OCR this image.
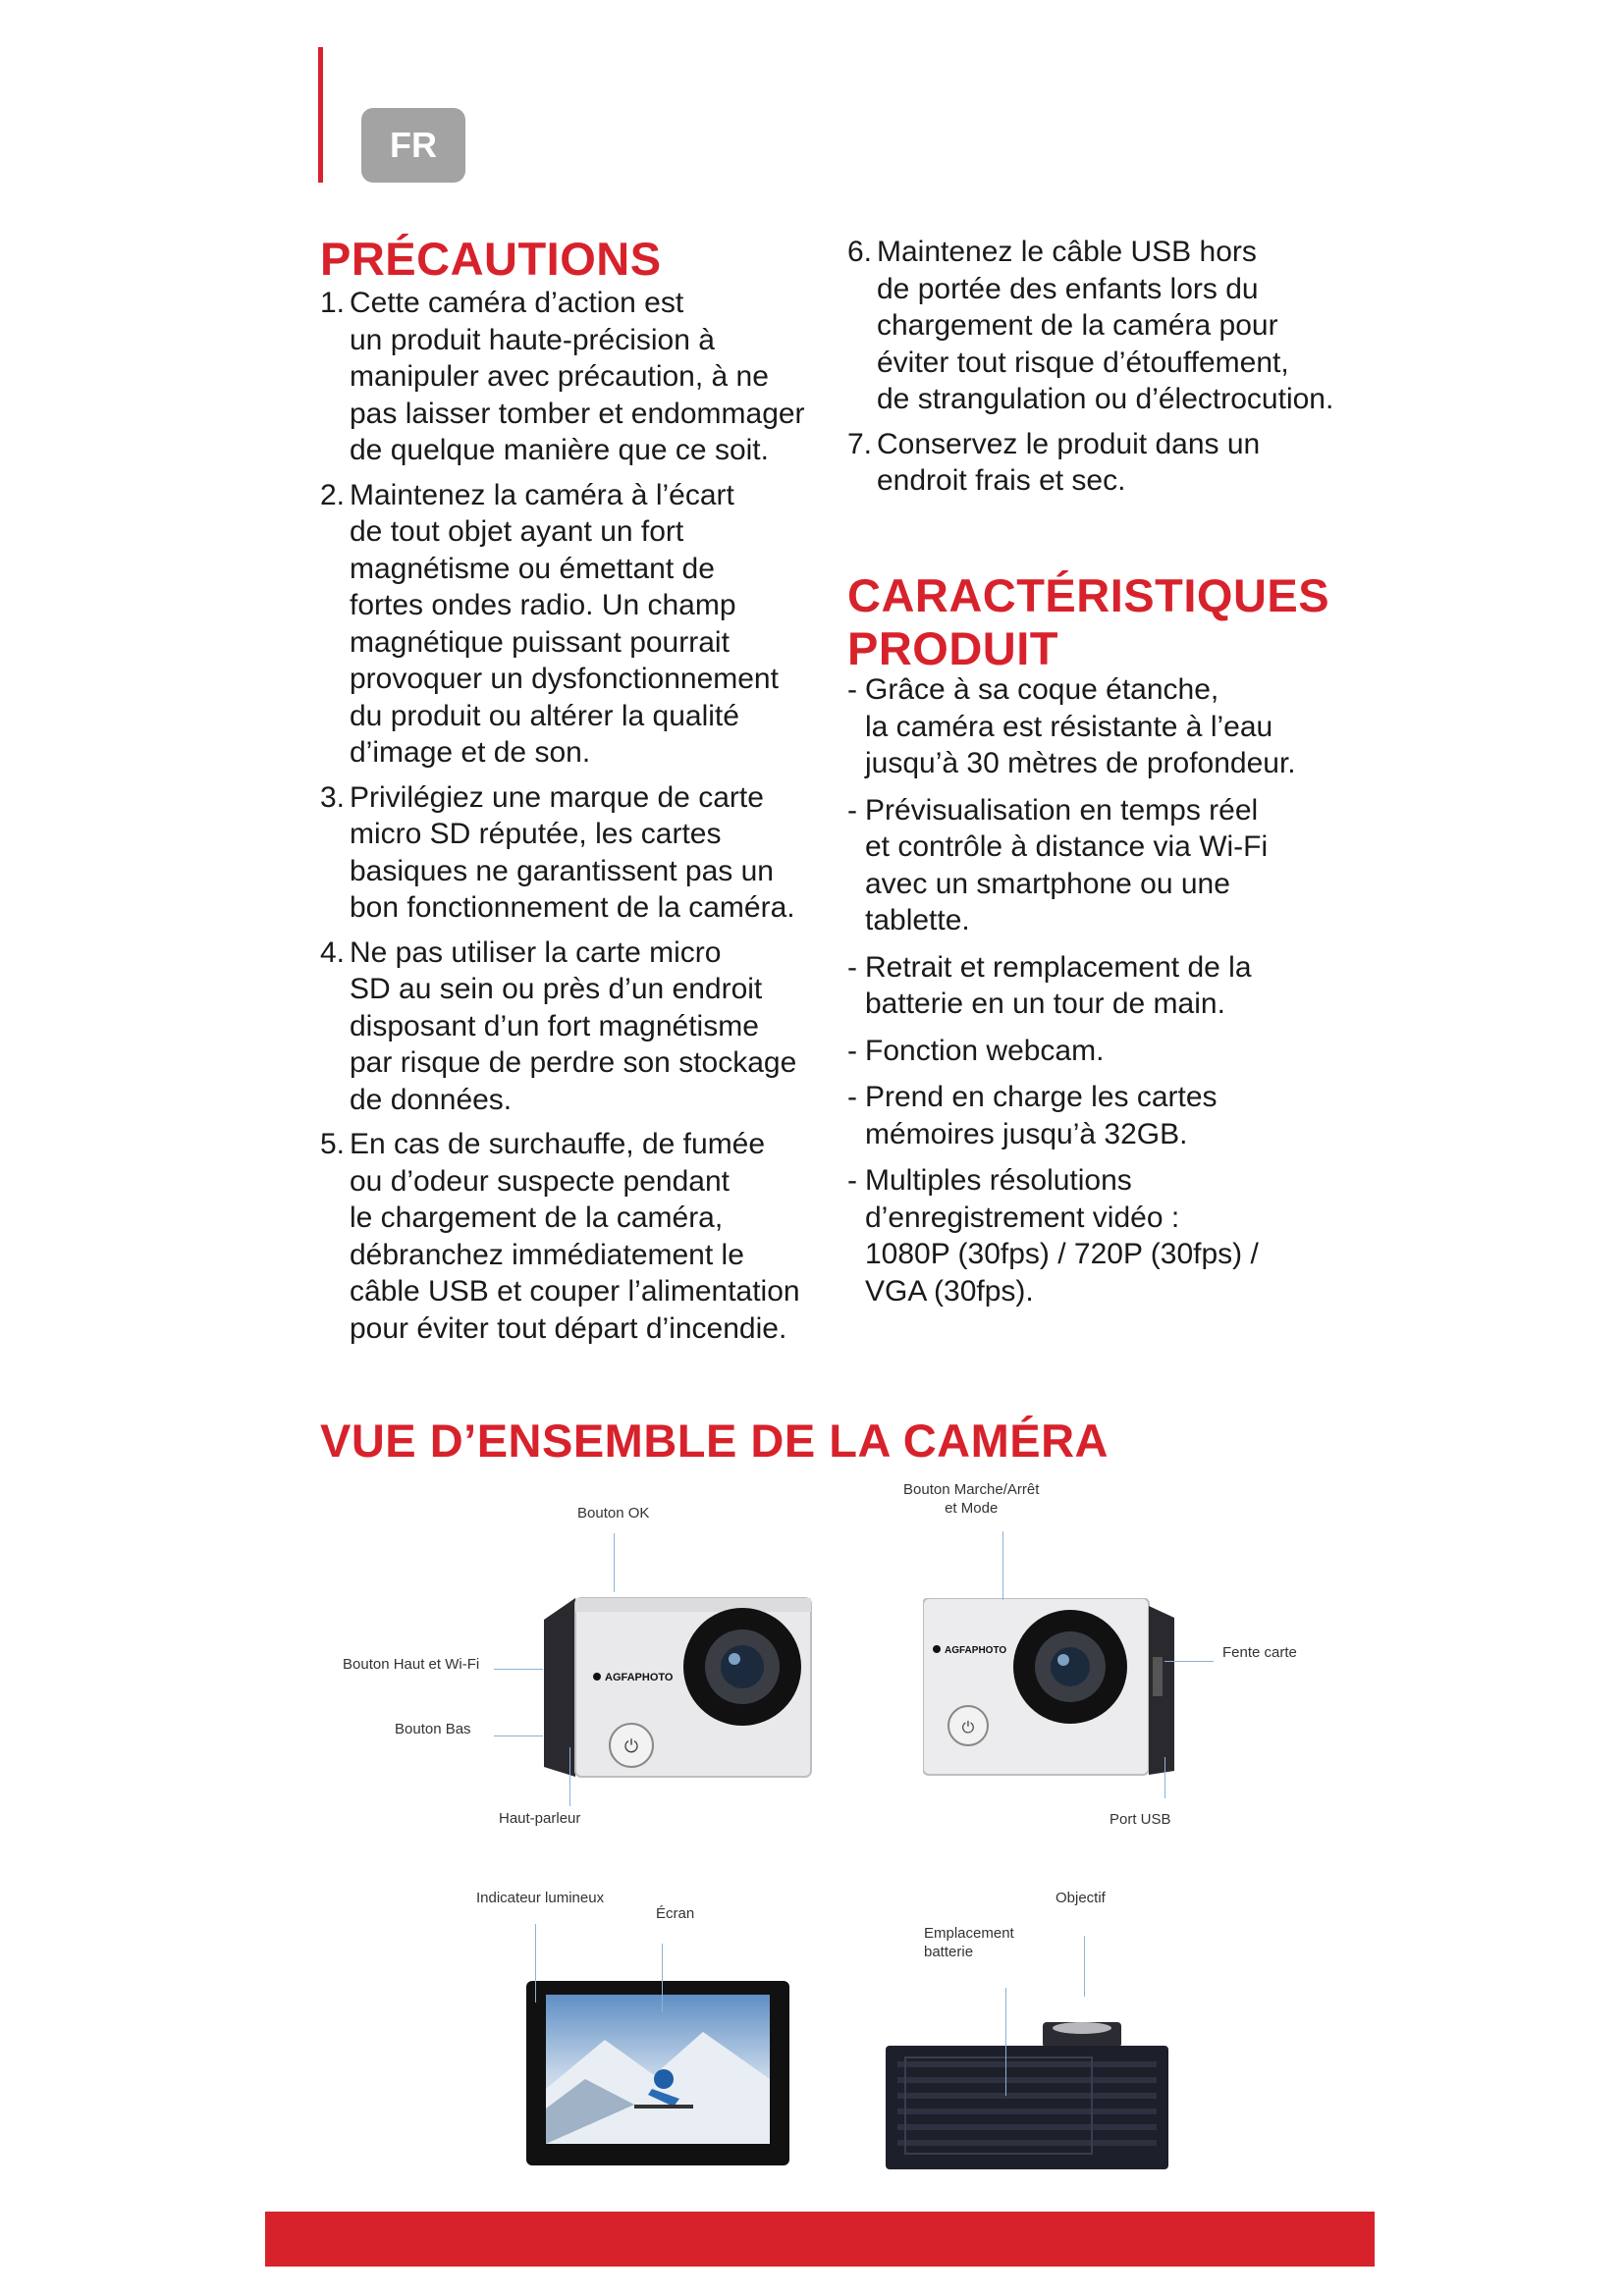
FR
PRÉCAUTIONS
1. Cette caméra d’action est
un produit haute-précision à
manipuler avec précaution, à ne
pas laisser tomber et endommager
de quelque manière que ce soit.
2. Maintenez la caméra à l’écart
de tout objet ayant un fort
magnétisme ou émettant de
fortes ondes radio. Un champ
magnétique puissant pourrait
provoquer un dysfonctionnement
du produit ou altérer la qualité
d’image et de son.
3. Privilégiez une marque de carte
micro SD réputée, les cartes
basiques ne garantissent pas un
bon fonctionnement de la caméra.
4. Ne pas utiliser la carte micro
SD au sein ou près d’un endroit
disposant d’un fort magnétisme
par risque de perdre son stockage
de données.
5. En cas de surchauffe, de fumée
ou d’odeur suspecte pendant
le chargement de la caméra,
débranchez immédiatement le
câble USB et couper l’alimentation
pour éviter tout départ d’incendie.
6. Maintenez le câble USB hors
de portée des enfants lors du
chargement de la caméra pour
éviter tout risque d’étouffement,
de strangulation ou d’électrocution.
7. Conservez le produit dans un
endroit frais et sec.
CARACTÉRISTIQUES
PRODUIT
- Grâce à sa coque étanche,
la caméra est résistante à l’eau
jusqu’à 30 mètres de profondeur.
- Prévisualisation en temps réel
et contrôle à distance via Wi-Fi
avec un smartphone ou une
tablette.
- Retrait et remplacement de la
batterie en un tour de main.
- Fonction webcam.
- Prend en charge les cartes
mémoires jusqu’à 32GB.
- Multiples résolutions
d’enregistrement vidéo :
1080P (30fps) / 720P (30fps) /
VGA (30fps).
VUE D’ENSEMBLE DE LA CAMÉRA
⏻
AGFAPHOTO
⏻
AGFAPHOTO
Bouton OK
Bouton Haut et Wi-Fi
Bouton Bas
Haut-parleur
Bouton Marche/Arrêt
et Mode
Fente carte
Port USB
Indicateur lumineux
Écran
Objectif
Emplacement
batterie
